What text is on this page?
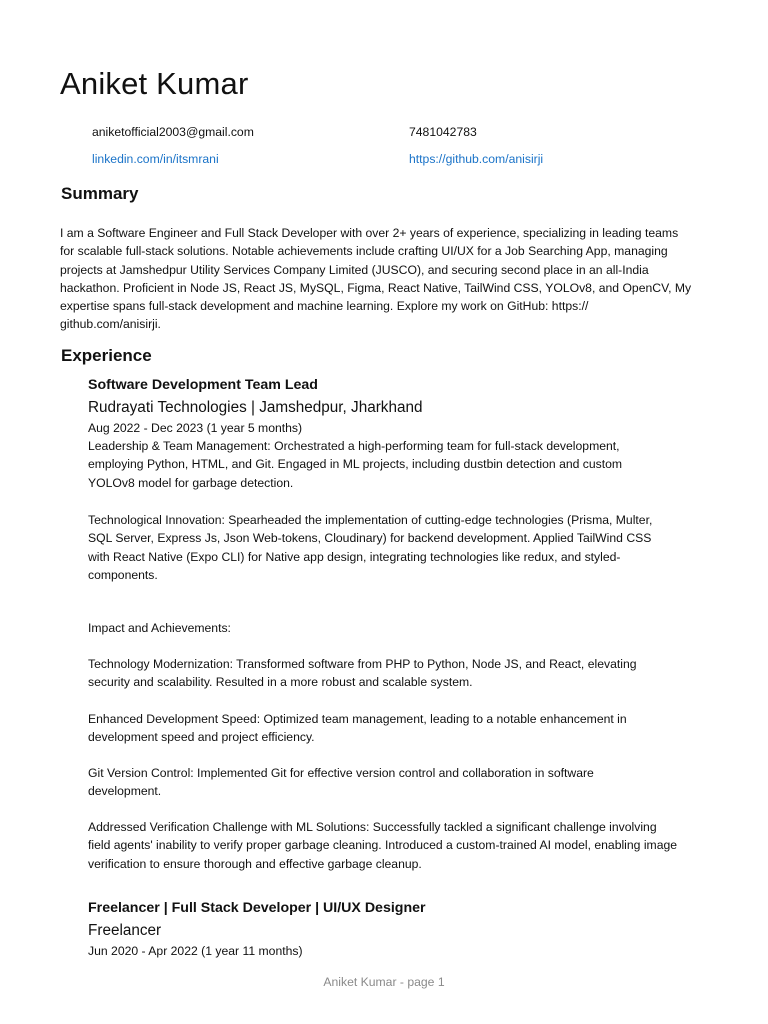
Aniket Kumar
aniketofficial2003@gmail.com	7481042783
linkedin.com/in/itsmrani	https://github.com/anisirji
Summary

I am a Software Engineer and Full Stack Developer with over 2+ years of experience, specializing in leading teams for scalable full-stack solutions. Notable achievements include crafting UI/UX for a Job Searching App, managing projects at Jamshedpur Utility Services Company Limited (JUSCO), and securing second place in an all-India hackathon. Proficient in Node JS, React JS, MySQL, Figma, React Native, TailWind CSS, YOLOv8, and OpenCV, My expertise spans full-stack development and machine learning. Explore my work on GitHub: https:// github.com/anisirji.

Experience
Software Development Team Lead
Rudrayati Technologies | Jamshedpur, Jharkhand
Aug 2022 - Dec 2023 (1 year 5 months)

Leadership & Team Management: Orchestrated a high-performing team for full-stack development, employing Python, HTML, and Git. Engaged in ML projects, including dustbin detection and custom YOLOv8 model for garbage detection.

Technological Innovation: Spearheaded the implementation of cutting-edge technologies (Prisma, Multer, SQL Server, Express Js, Json Web-tokens, Cloudinary) for backend development. Applied TailWind CSS with React Native (Expo CLI) for Native app design, integrating technologies like redux, and styled-components.

Impact and Achievements:

Technology Modernization: Transformed software from PHP to Python, Node JS, and React, elevating security and scalability. Resulted in a more robust and scalable system.

Enhanced Development Speed: Optimized team management, leading to a notable enhancement in development speed and project efficiency.

Git Version Control: Implemented Git for effective version control and collaboration in software development.

Addressed Verification Challenge with ML Solutions: Successfully tackled a significant challenge involving field agents' inability to verify proper garbage cleaning. Introduced a custom-trained AI model, enabling image verification to ensure thorough and effective garbage cleanup.

Freelancer | Full Stack Developer | UI/UX Designer
Freelancer
Jun 2020 - Apr 2022 (1 year 11 months)
Aniket Kumar - page 1
